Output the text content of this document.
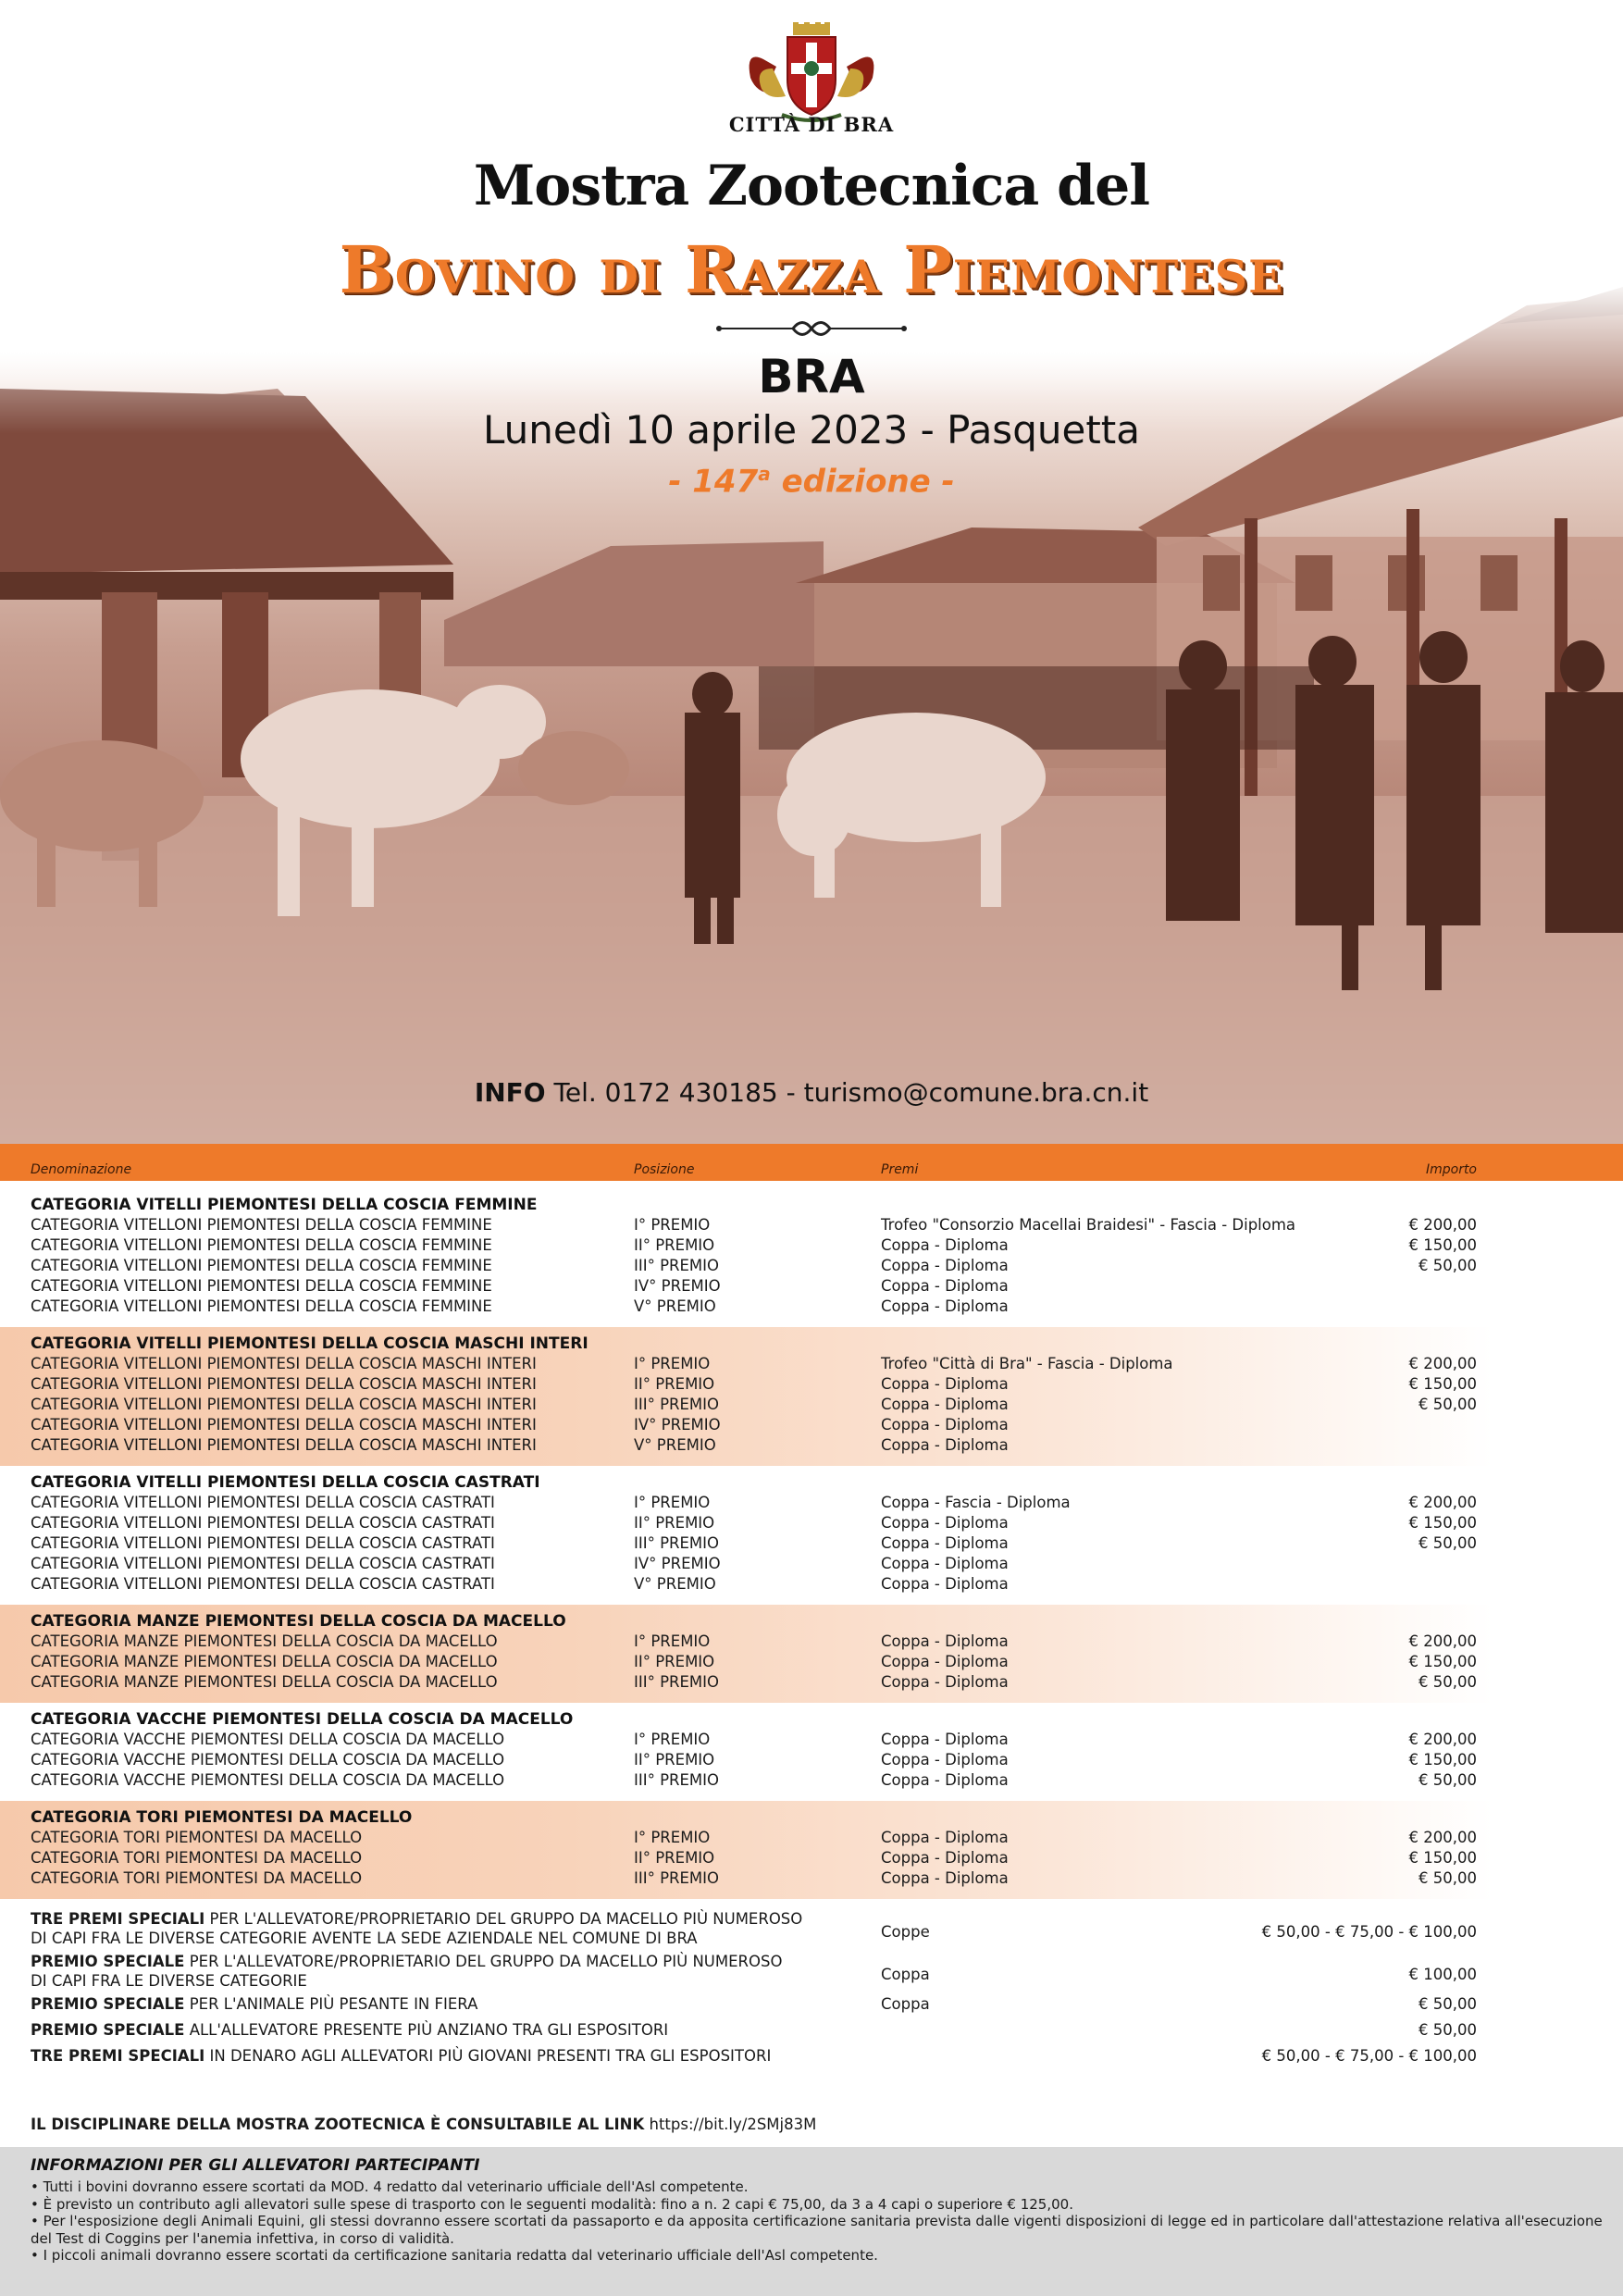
CITTÀ DI BRA
Mostra Zootecnica del
Bovino di Razza Piemontese
BRA
Lunedì 10 aprile 2023 - Pasquetta
- 147$^a$ edizione -
INFO Tel. 0172 430185 - turismo@comune.bra.cn.it
Denominazione	Posizione	Premi	Importo
CATEGORIA VITELLI PIEMONTESI DELLA COSCIA FEMMINE
CATEGORIA VITELLONI PIEMONTESI DELLA COSCIA FEMMINE	I° PREMIO	Trofeo "Consorzio Macellai Braidesi" - Fascia - Diploma	€ 200,00
CATEGORIA VITELLONI PIEMONTESI DELLA COSCIA FEMMINE	II° PREMIO	Coppa - Diploma	€ 150,00
CATEGORIA VITELLONI PIEMONTESI DELLA COSCIA FEMMINE	III° PREMIO	Coppa - Diploma	€ 50,00
CATEGORIA VITELLONI PIEMONTESI DELLA COSCIA FEMMINE	IV° PREMIO	Coppa - Diploma
CATEGORIA VITELLONI PIEMONTESI DELLA COSCIA FEMMINE	V° PREMIO	Coppa - Diploma
CATEGORIA VITELLI PIEMONTESI DELLA COSCIA MASCHI INTERI
CATEGORIA VITELLONI PIEMONTESI DELLA COSCIA MASCHI INTERI	I° PREMIO	Trofeo "Città di Bra" - Fascia - Diploma	€ 200,00
CATEGORIA VITELLONI PIEMONTESI DELLA COSCIA MASCHI INTERI	II° PREMIO	Coppa - Diploma	€ 150,00
CATEGORIA VITELLONI PIEMONTESI DELLA COSCIA MASCHI INTERI	III° PREMIO	Coppa - Diploma	€ 50,00
CATEGORIA VITELLONI PIEMONTESI DELLA COSCIA MASCHI INTERI	IV° PREMIO	Coppa - Diploma
CATEGORIA VITELLONI PIEMONTESI DELLA COSCIA MASCHI INTERI	V° PREMIO	Coppa - Diploma
CATEGORIA VITELLI PIEMONTESI DELLA COSCIA CASTRATI
CATEGORIA VITELLONI PIEMONTESI DELLA COSCIA CASTRATI	I° PREMIO	Coppa - Fascia - Diploma	€ 200,00
CATEGORIA VITELLONI PIEMONTESI DELLA COSCIA CASTRATI	II° PREMIO	Coppa - Diploma	€ 150,00
CATEGORIA VITELLONI PIEMONTESI DELLA COSCIA CASTRATI	III° PREMIO	Coppa - Diploma	€ 50,00
CATEGORIA VITELLONI PIEMONTESI DELLA COSCIA CASTRATI	IV° PREMIO	Coppa - Diploma
CATEGORIA VITELLONI PIEMONTESI DELLA COSCIA CASTRATI	V° PREMIO	Coppa - Diploma
CATEGORIA MANZE PIEMONTESI DELLA COSCIA DA MACELLO
CATEGORIA MANZE PIEMONTESI DELLA COSCIA DA MACELLO	I° PREMIO	Coppa - Diploma	€ 200,00
CATEGORIA MANZE PIEMONTESI DELLA COSCIA DA MACELLO	II° PREMIO	Coppa - Diploma	€ 150,00
CATEGORIA MANZE PIEMONTESI DELLA COSCIA DA MACELLO	III° PREMIO	Coppa - Diploma	€ 50,00
CATEGORIA VACCHE PIEMONTESI DELLA COSCIA DA MACELLO
CATEGORIA VACCHE PIEMONTESI DELLA COSCIA DA MACELLO	I° PREMIO	Coppa - Diploma	€ 200,00
CATEGORIA VACCHE PIEMONTESI DELLA COSCIA DA MACELLO	II° PREMIO	Coppa - Diploma	€ 150,00
CATEGORIA VACCHE PIEMONTESI DELLA COSCIA DA MACELLO	III° PREMIO	Coppa - Diploma	€ 50,00
CATEGORIA TORI PIEMONTESI DA MACELLO
CATEGORIA TORI PIEMONTESI DA MACELLO	I° PREMIO	Coppa - Diploma	€ 200,00
CATEGORIA TORI PIEMONTESI DA MACELLO	II° PREMIO	Coppa - Diploma	€ 150,00
CATEGORIA TORI PIEMONTESI DA MACELLO	III° PREMIO	Coppa - Diploma	€ 50,00
TRE PREMI SPECIALI PER L'ALLEVATORE/PROPRIETARIO DEL GRUPPO DA MACELLO PIÙ NUMEROSO
DI CAPI FRA LE DIVERSE CATEGORIE AVENTE LA SEDE AZIENDALE NEL COMUNE DI BRA	Coppe	€ 50,00 - € 75,00 - € 100,00
PREMIO SPECIALE PER L'ALLEVATORE/PROPRIETARIO DEL GRUPPO DA MACELLO PIÙ NUMEROSO
DI CAPI FRA LE DIVERSE CATEGORIE	Coppa	€ 100,00
PREMIO SPECIALE PER L'ANIMALE PIÙ PESANTE IN FIERA	Coppa	€ 50,00
PREMIO SPECIALE ALL'ALLEVATORE PRESENTE PIÙ ANZIANO TRA GLI ESPOSITORI	€ 50,00
TRE PREMI SPECIALI IN DENARO AGLI ALLEVATORI PIÙ GIOVANI PRESENTI TRA GLI ESPOSITORI	€ 50,00 - € 75,00 - € 100,00
IL DISCIPLINARE DELLA MOSTRA ZOOTECNICA È CONSULTABILE AL LINK https://bit.ly/2SMj83M
INFORMAZIONI PER GLI ALLEVATORI PARTECIPANTI
• Tutti i bovini dovranno essere scortati da MOD. 4 redatto dal veterinario ufficiale dell'Asl competente.
• È previsto un contributo agli allevatori sulle spese di trasporto con le seguenti modalità: fino a n. 2 capi € 75,00, da 3 a 4 capi o superiore € 125,00.
• Per l'esposizione degli Animali Equini, gli stessi dovranno essere scortati da passaporto e da apposita certificazione sanitaria prevista dalle vigenti disposizioni di legge ed in particolare dall'attestazione relativa all'esecuzione del Test di Coggins per l'anemia infettiva, in corso di validità.
• I piccoli animali dovranno essere scortati da certificazione sanitaria redatta dal veterinario ufficiale dell'Asl competente.
